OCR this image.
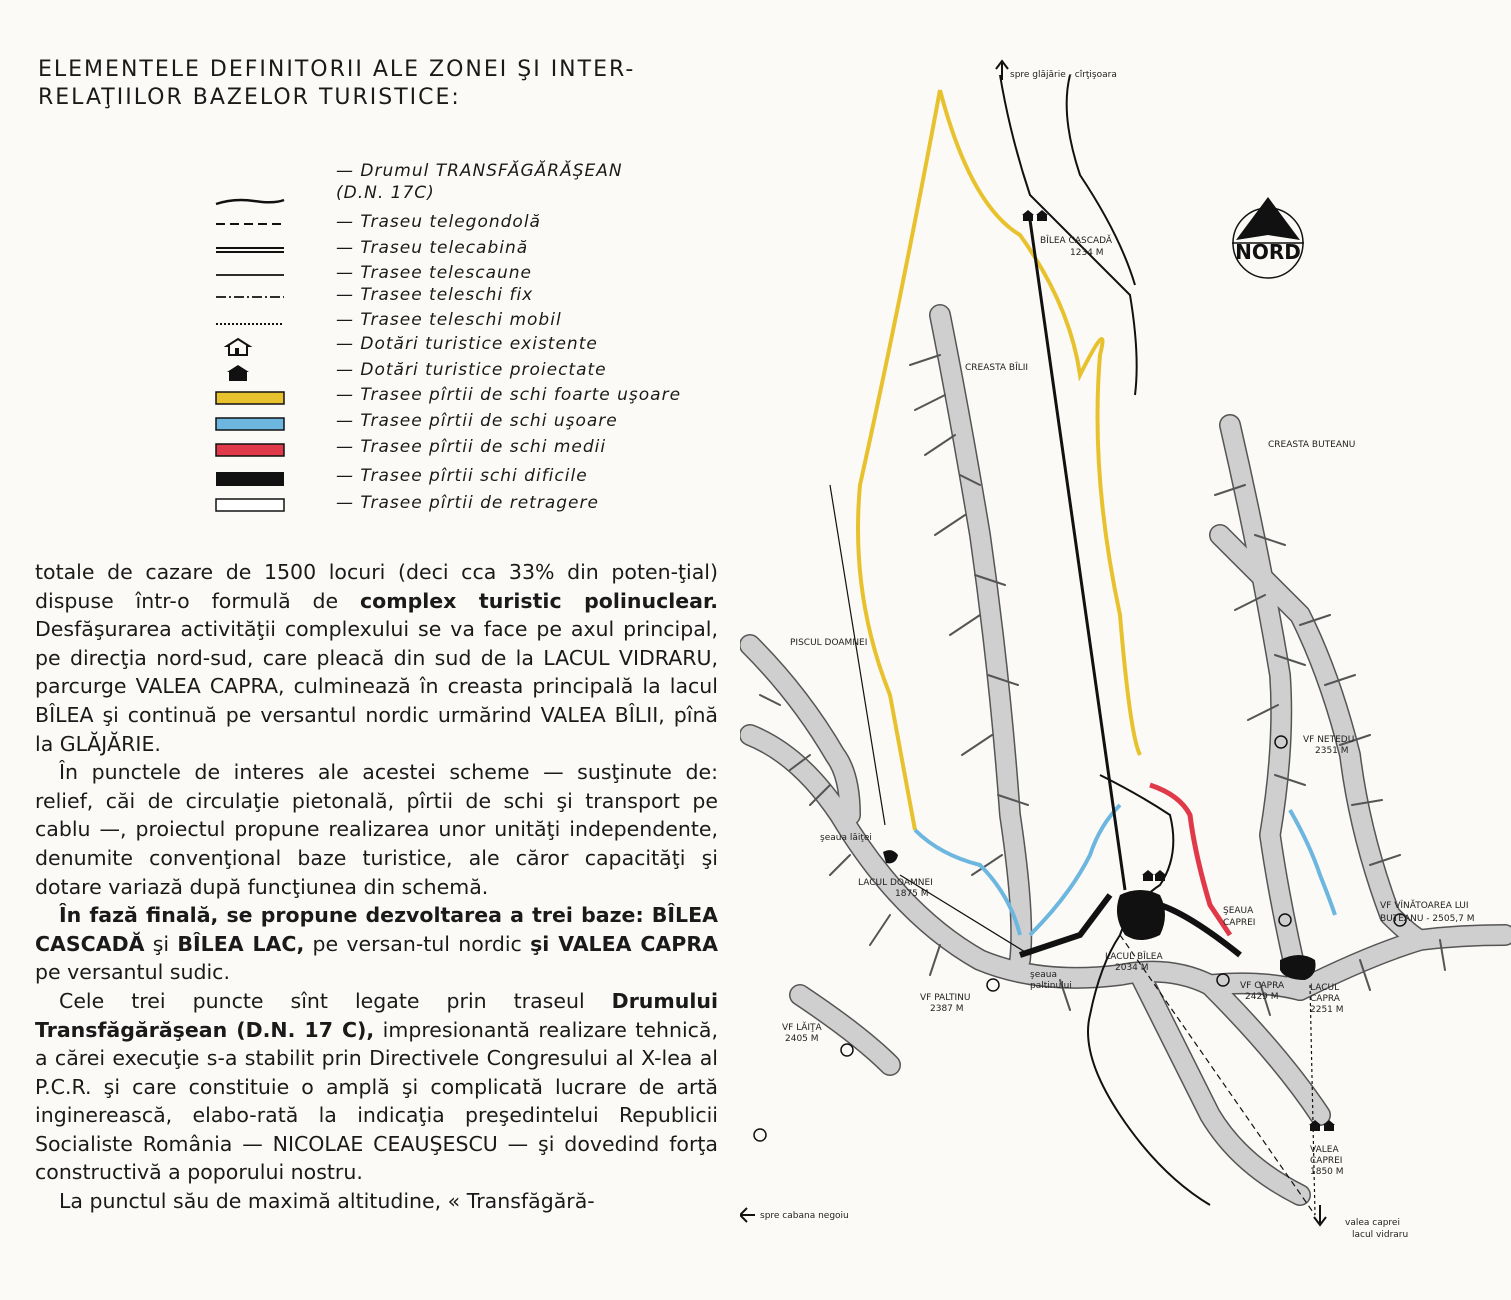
ELEMENTELE DEFINITORII ALE ZONEI ŞI INTER-RELAŢIILOR BAZELOR TURISTICE:
— Drumul TRANSFĂGĂRĂŞEAN (D.N. 17C)
— Traseu telegondolă
— Traseu telecabină
— Trasee telescaune
— Trasee teleschi fix
— Trasee teleschi mobil
— Dotări turistice existente
— Dotări turistice proiectate
— Trasee pîrtii de schi foarte uşoare
— Trasee pîrtii de schi uşoare
— Trasee pîrtii de schi medii
— Trasee pîrtii schi dificile
— Trasee pîrtii de retragere

totale de cazare de 1500 locuri (deci cca 33% din poten-ţial) dispuse într-o formulă de complex turistic polinuclear. Desfăşurarea activităţii complexului se va face pe axul principal, pe direcţia nord-sud, care pleacă din sud de la LACUL VIDRARU, parcurge VALEA CAPRA, culminează în creasta principală la lacul BÎLEA şi continuă pe versantul nordic urmărind VALEA BÎLII, pînă la GLĂJĂRIE.

În punctele de interes ale acestei scheme — susţinute de: relief, căi de circulaţie pietonală, pîrtii de schi şi transport pe cablu —, proiectul propune realizarea unor unităţi independente, denumite convenţional baze turistice, ale căror capacităţi şi dotare variază după funcţiunea din schemă.

În fază finală, se propune dezvoltarea a trei baze: BÎLEA CASCADĂ şi BÎLEA LAC, pe versan-tul nordic şi VALEA CAPRA pe versantul sudic.

Cele trei puncte sînt legate prin traseul Drumului Transfăgărăşean (D.N. 17 C), impresionantă realizare tehnică, a cărei execuţie s-a stabilit prin Directivele Congresului al X-lea al P.C.R. şi care constituie o amplă şi complicată lucrare de artă inginerească, elabo-rată la indicaţia preşedintelui Republicii Socialiste România — NICOLAE CEAUŞESCU — şi dovedind forţa constructivă a poporului nostru.

La punctul său de maximă altitudine, « Transfăgără-

NORD
spre glăjărie - cîrţişoara
BÎLEA CASCADĂ
1234 M
CREASTA BÎLII
CREASTA BUTEANU
PISCUL DOAMNEI
VF NETEDU
2351 M
şeaua lăiţei
LACUL DOAMNEI
1875 M
VF VÎNĂTOAREA LUI
BUTEANU - 2505,7 M
VF LĂIŢA
2405 M
VF PALTINU
2387 M
şeaua
paltinului
LACUL BÎLEA
2034 M
ŞEAUA
CAPREI
VF CAPRA
2429 M
LACUL
CAPRA
2251 M
VALEA
CAPREI
1850 M
spre cabana negoiu
valea caprei
lacul vidraru
